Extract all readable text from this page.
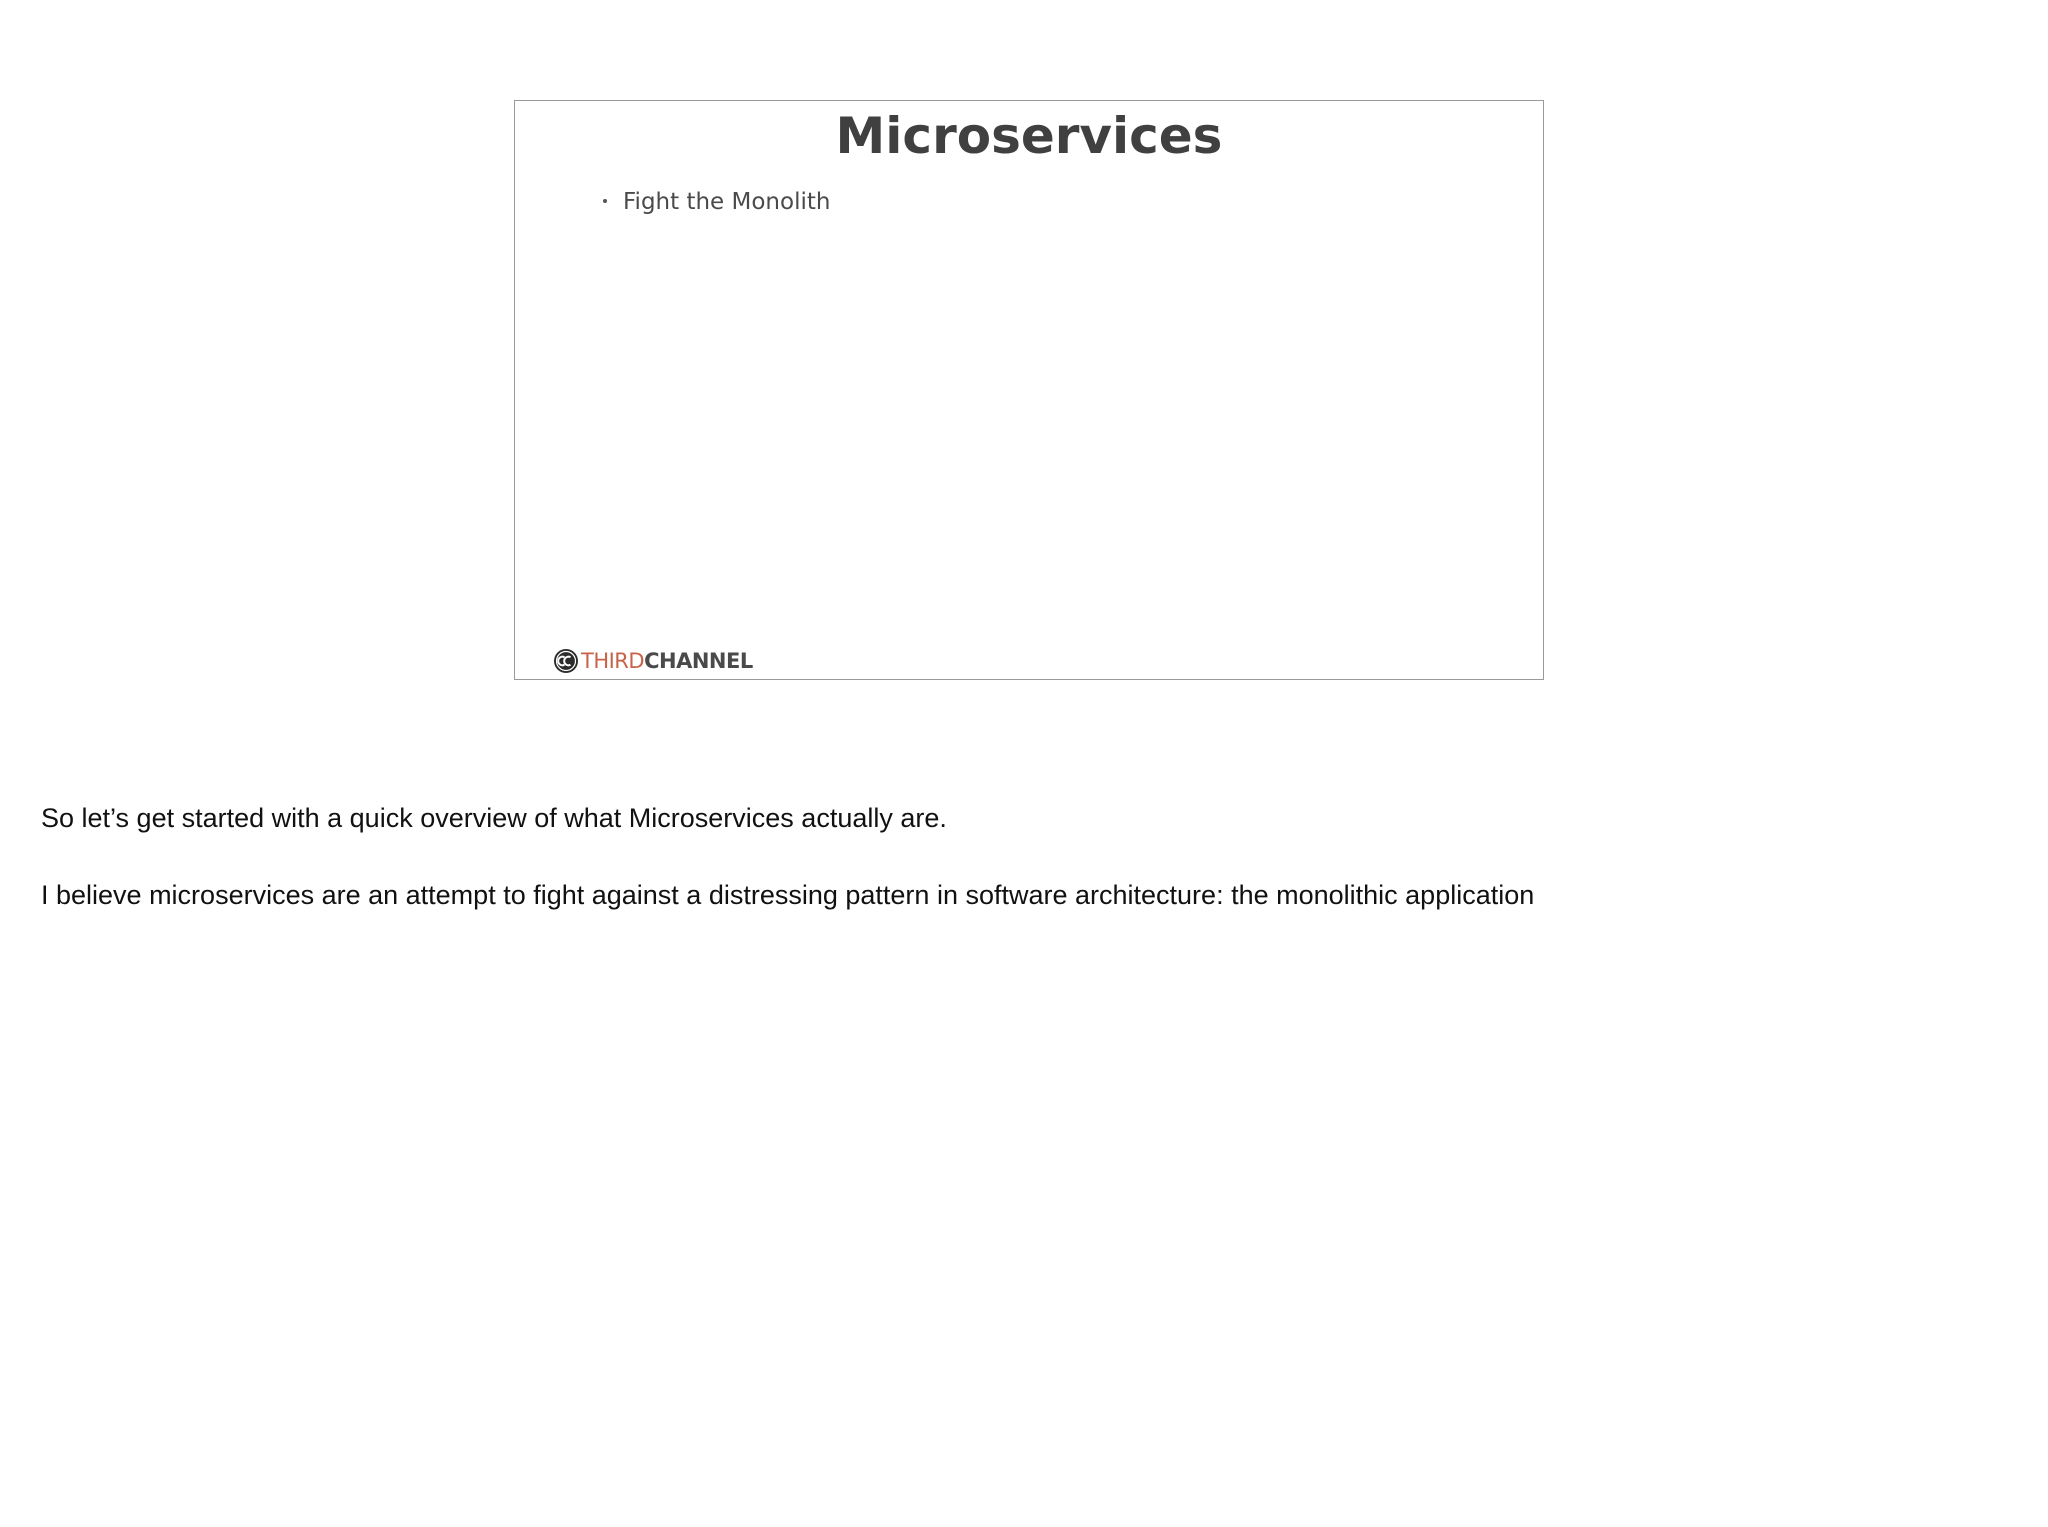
Microservices
Fight the Monolith
THIRDCHANNEL

So let’s get started with a quick overview of what Microservices actually are.

I believe microservices are an attempt to fight against a distressing pattern in software architecture: the monolithic application
